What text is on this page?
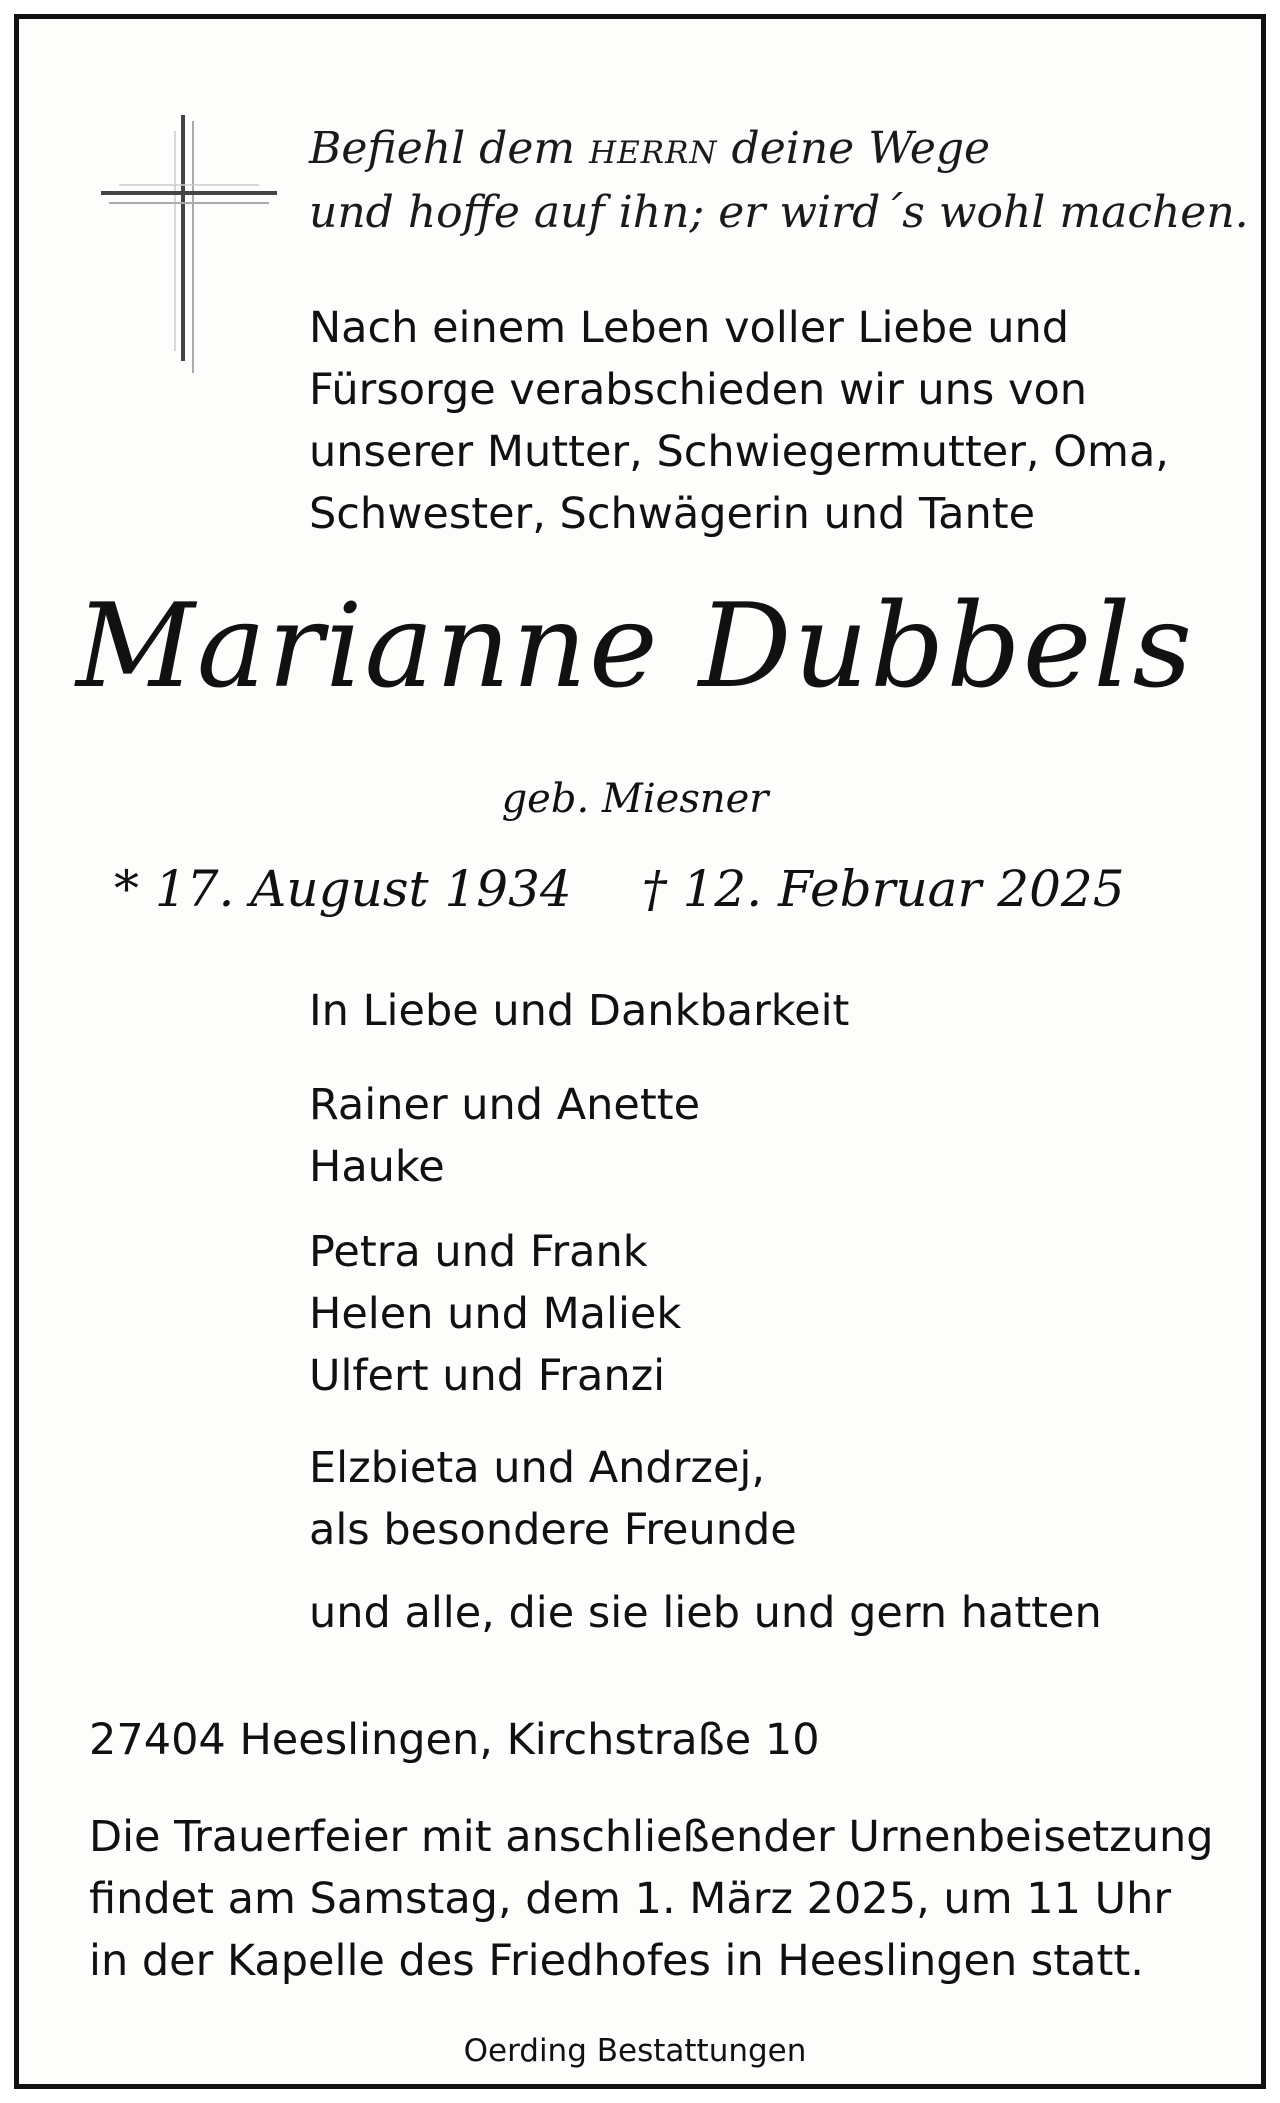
Befiehl dem HERRN deine Wege
und hoffe auf ihn; er wird´s wohl machen.
Nach einem Leben voller Liebe und
Fürsorge verabschieden wir uns von
unserer Mutter, Schwiegermutter, Oma,
Schwester, Schwägerin und Tante
Marianne Dubbels
geb. Miesner
* 17. August 1934 † 12. Februar 2025
In Liebe und Dankbarkeit
Rainer und Anette
Hauke
Petra und Frank
Helen und Maliek
Ulfert und Franzi
Elzbieta und Andrzej,
als besondere Freunde
und alle, die sie lieb und gern hatten
27404 Heeslingen, Kirchstraße 10
Die Trauerfeier mit anschließender Urnenbeisetzung
findet am Samstag, dem 1. März 2025, um 11 Uhr
in der Kapelle des Friedhofes in Heeslingen statt.
Oerding Bestattungen
